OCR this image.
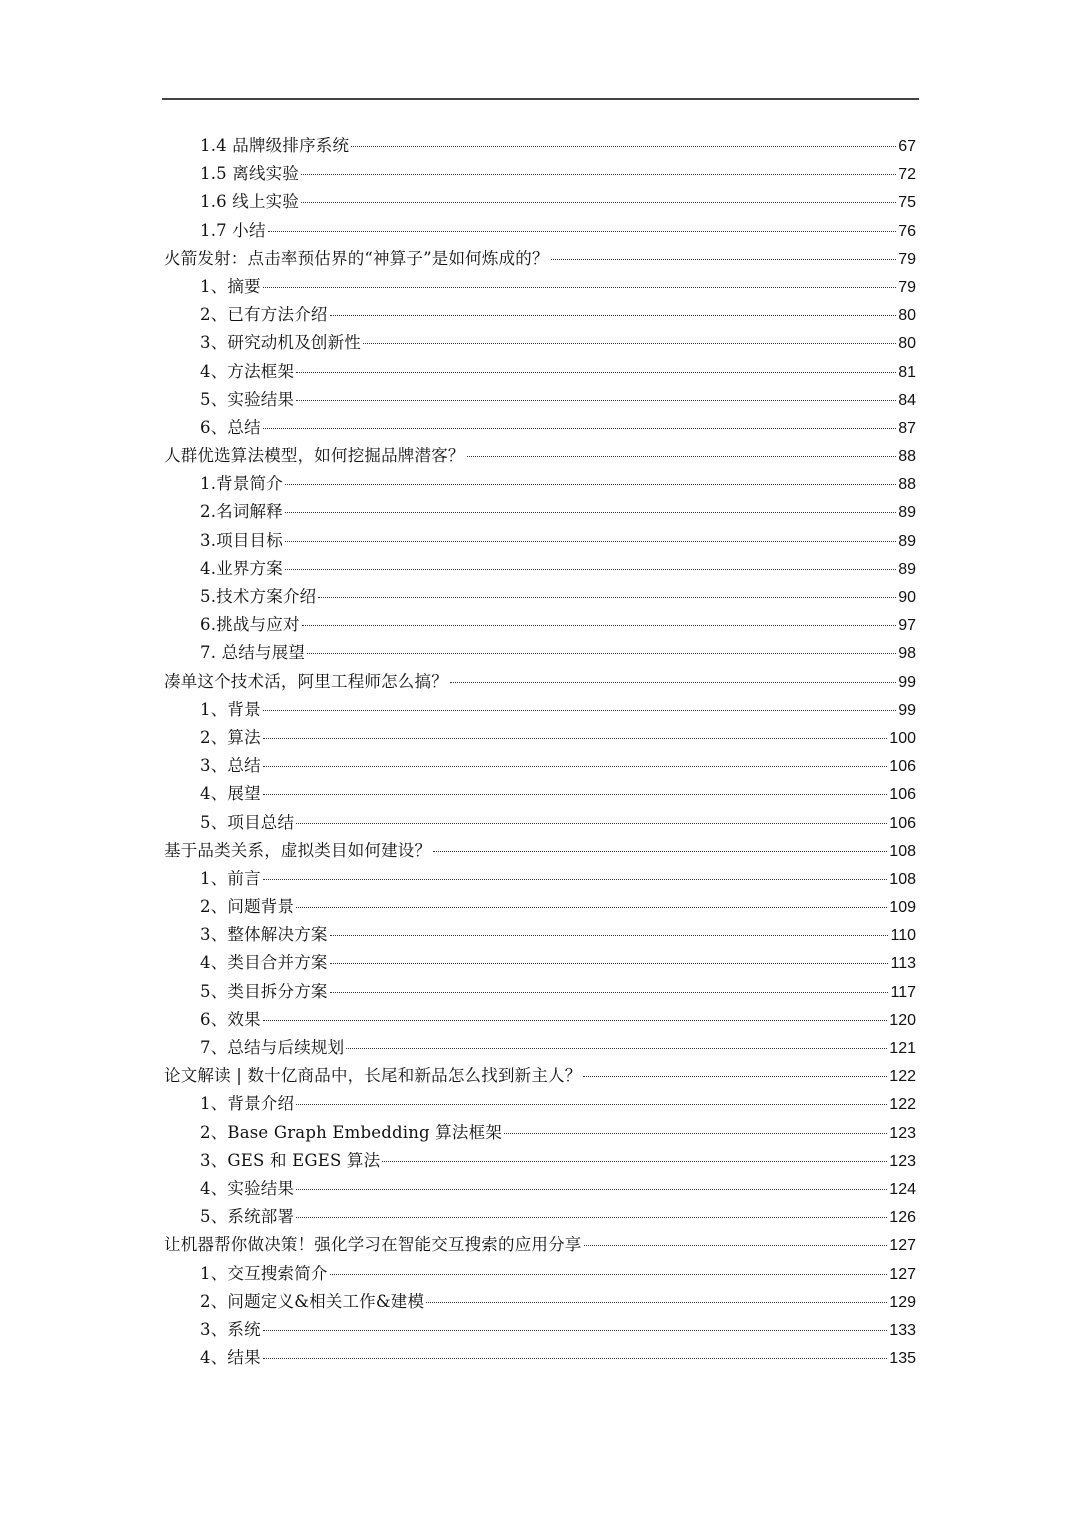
1.4 品牌级排序系统	67
1.5 离线实验	72
1.6 线上实验	75
1.7 小结	76
火箭发射：点击率预估界的“神算子”是如何炼成的？	79
1、摘要	79
2、已有方法介绍	80
3、研究动机及创新性	80
4、方法框架	81
5、实验结果	84
6、总结	87
人群优选算法模型，如何挖掘品牌潜客？	88
1.背景简介	88
2.名词解释	89
3.项目目标	89
4.业界方案	89
5.技术方案介绍	90
6.挑战与应对	97
7. 总结与展望	98
凑单这个技术活，阿里工程师怎么搞？	99
1、背景	99
2、算法	100
3、总结	106
4、展望	106
5、项目总结	106
基于品类关系，虚拟类目如何建设？	108
1、前言	108
2、问题背景	109
3、整体解决方案	110
4、类目合并方案	113
5、类目拆分方案	117
6、效果	120
7、总结与后续规划	121
论文解读 | 数十亿商品中，长尾和新品怎么找到新主人？	122
1、背景介绍	122
2、Base Graph Embedding 算法框架	123
3、GES 和 EGES 算法	123
4、实验结果	124
5、系统部署	126
让机器帮你做决策！强化学习在智能交互搜索的应用分享	127
1、交互搜索简介	127
2、问题定义&相关工作&建模	129
3、系统	133
4、结果	135
